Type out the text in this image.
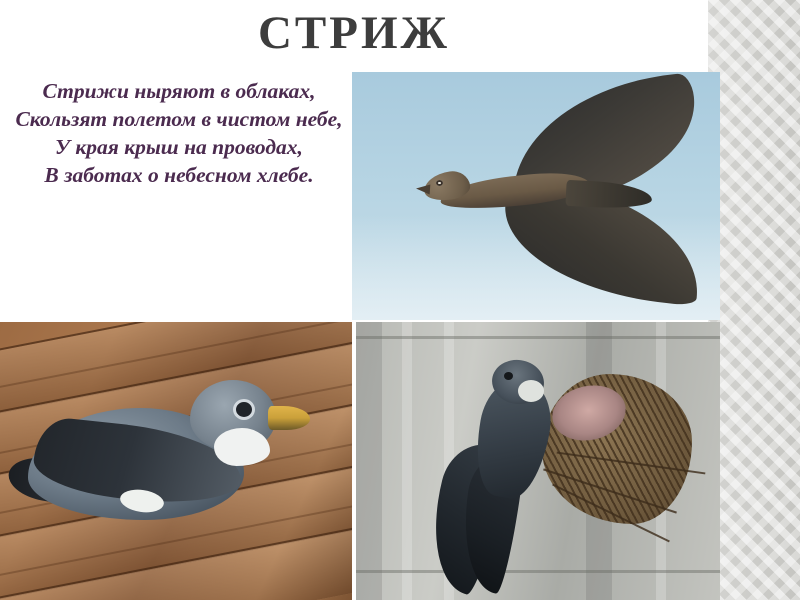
СТРИЖ
Стрижи ныряют в облаках,
Скользят полетом в чистом небе,
У края крыш на проводах,
В заботах о небесном хлебе.
